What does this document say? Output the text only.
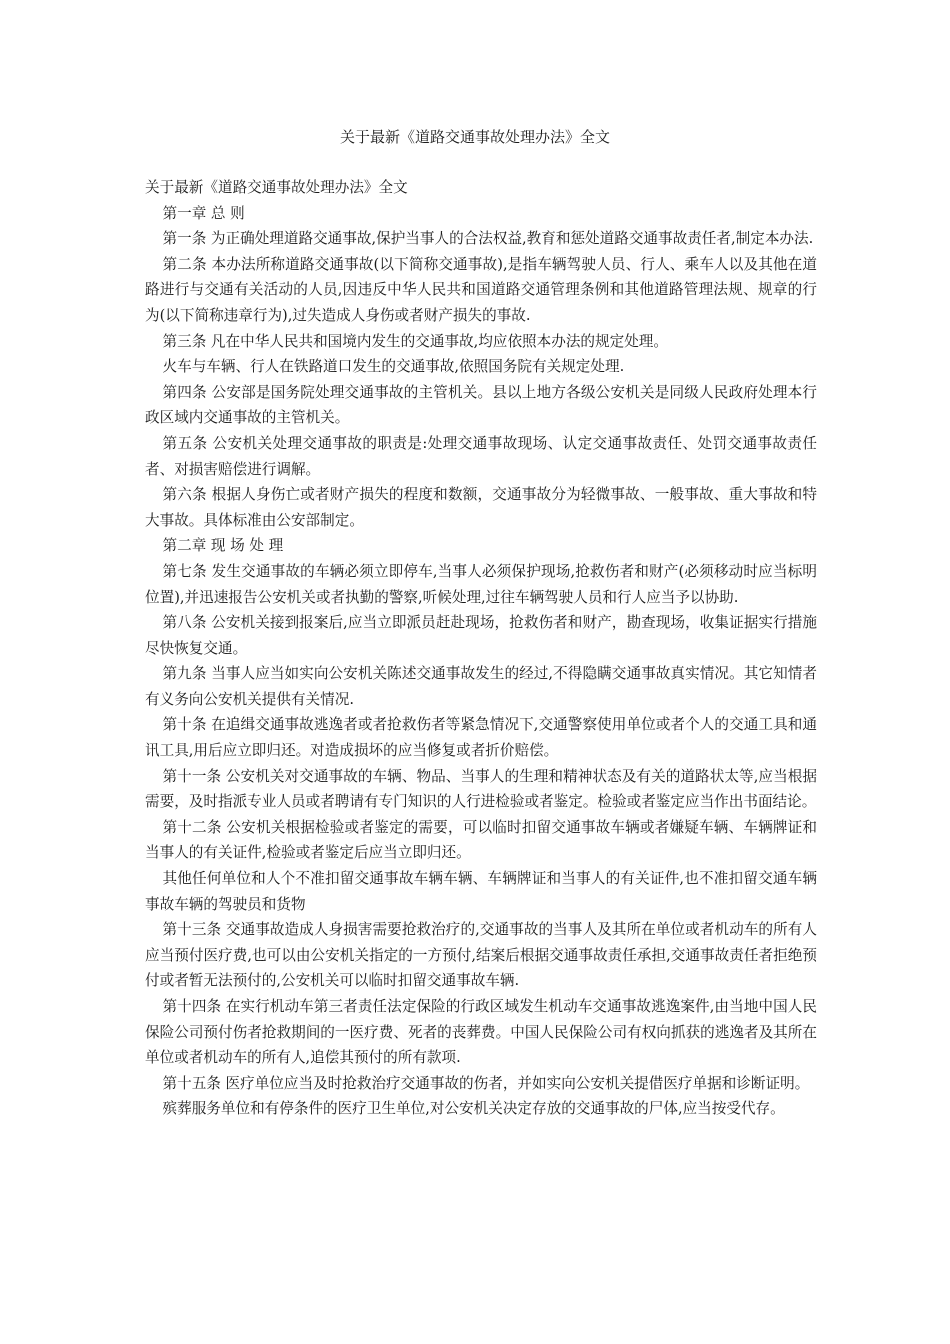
关于最新《道路交通事故处理办法》全文

关于最新《道路交通事故处理办法》全文

第一章 总 则

第一条 为正确处理道路交通事故,保护当事人的合法权益,教育和惩处道路交通事故责任者,制定本办法.

第二条 本办法所称道路交通事故(以下简称交通事故),是指车辆驾驶人员、行人、乘车人以及其他在道路进行与交通有关活动的人员,因违反中华人民共和国道路交通管理条例和其他道路管理法规、规章的行为(以下简称违章行为),过失造成人身伤或者财产损失的事故.

第三条 凡在中华人民共和国境内发生的交通事故,均应依照本办法的规定处理。

火车与车辆、行人在铁路道口发生的交通事故,依照国务院有关规定处理.

第四条 公安部是国务院处理交通事故的主管机关。县以上地方各级公安机关是同级人民政府处理本行政区域内交通事故的主管机关。

第五条 公安机关处理交通事故的职责是:处理交通事故现场、认定交通事故责任、处罚交通事故责任者、对损害赔偿进行调解。

第六条 根据人身伤亡或者财产损失的程度和数额，交通事故分为轻微事故、一般事故、重大事故和特大事故。具体标准由公安部制定。

第二章 现 场 处 理

第七条 发生交通事故的车辆必须立即停车,当事人必须保护现场,抢救伤者和财产(必须移动时应当标明位置),并迅速报告公安机关或者执勤的警察,听候处理,过往车辆驾驶人员和行人应当予以协助.

第八条 公安机关接到报案后,应当立即派员赶赴现场，抢救伤者和财产，勘查现场，收集证据实行措施尽快恢复交通。

第九条 当事人应当如实向公安机关陈述交通事故发生的经过,不得隐瞒交通事故真实情况。其它知情者有义务向公安机关提供有关情况.

第十条 在追缉交通事故逃逸者或者抢救伤者等紧急情况下,交通警察使用单位或者个人的交通工具和通讯工具,用后应立即归还。对造成损坏的应当修复或者折价赔偿。

第十一条 公安机关对交通事故的车辆、物品、当事人的生理和精神状态及有关的道路状太等,应当根据需要，及时指派专业人员或者聘请有专门知识的人行进检验或者鉴定。检验或者鉴定应当作出书面结论。

第十二条 公安机关根据检验或者鉴定的需要，可以临时扣留交通事故车辆或者嫌疑车辆、车辆牌证和当事人的有关证件,检验或者鉴定后应当立即归还。

其他任何单位和人个不准扣留交通事故车辆车辆、车辆牌证和当事人的有关证件,也不准扣留交通车辆事故车辆的驾驶员和货物

第十三条 交通事故造成人身损害需要抢救治疗的,交通事故的当事人及其所在单位或者机动车的所有人应当预付医疗费,也可以由公安机关指定的一方预付,结案后根据交通事故责任承担,交通事故责任者拒绝预付或者暂无法预付的,公安机关可以临时扣留交通事故车辆.

第十四条 在实行机动车第三者责任法定保险的行政区域发生机动车交通事故逃逸案件,由当地中国人民保险公司预付伤者抢救期间的一医疗费、死者的丧葬费。中国人民保险公司有权向抓获的逃逸者及其所在单位或者机动车的所有人,追偿其预付的所有款项.

第十五条 医疗单位应当及时抢救治疗交通事故的伤者，并如实向公安机关提借医疗单据和诊断证明。

殡葬服务单位和有停条件的医疗卫生单位,对公安机关决定存放的交通事故的尸体,应当按受代存。
